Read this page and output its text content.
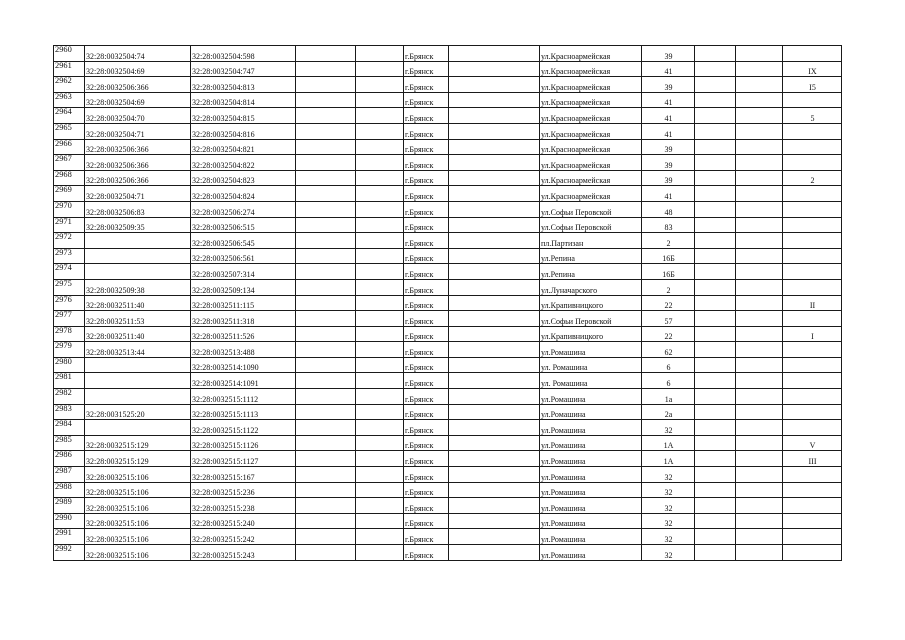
2960	32:28:0032504:74	32:28:0032504:598			г.Брянск		ул.Красноармейская	39			
2961	32:28:0032504:69	32:28:0032504:747			г.Брянск		ул.Красноармейская	41			IX
2962	32:28:0032506:366	32:28:0032504:813			г.Брянск		ул.Красноармейская	39			I5
2963	32:28:0032504:69	32:28:0032504:814			г.Брянск		ул.Красноармейская	41			
2964	32:28:0032504:70	32:28:0032504:815			г.Брянск		ул.Красноармейская	41			5
2965	32:28:0032504:71	32:28:0032504:816			г.Брянск		ул.Красноармейская	41			
2966	32:28:0032506:366	32:28:0032504:821			г.Брянск		ул.Красноармейская	39			
2967	32:28:0032506:366	32:28:0032504:822			г.Брянск		ул.Красноармейская	39			
2968	32:28:0032506:366	32:28:0032504:823			г.Брянск		ул.Красноармейская	39			2
2969	32:28:0032504:71	32:28:0032504:824			г.Брянск		ул.Красноармейская	41			
2970	32:28:0032506:83	32:28:0032506:274			г.Брянск		ул.Софьи Перовской	48			
2971	32:28:0032509:35	32:28:0032506:515			г.Брянск		ул.Софьи Перовской	83			
2972		32:28:0032506:545			г.Брянск		пл.Партизан	2			
2973		32:28:0032506:561			г.Брянск		ул.Репина	16Б			
2974		32:28:0032507:314			г.Брянск		ул.Репина	16Б			
2975	32:28:0032509:38	32:28:0032509:134			г.Брянск		ул.Луначарского	2			
2976	32:28:0032511:40	32:28:0032511:115			г.Брянск		ул.Крапивницкого	22			II
2977	32:28:0032511:53	32:28:0032511:318			г.Брянск		ул.Софьи Перовской	57			
2978	32:28:0032511:40	32:28:0032511:526			г.Брянск		ул.Крапивницкого	22			I
2979	32:28:0032513:44	32:28:0032513:488			г.Брянск		ул.Ромашина	62			
2980		32:28:0032514:1090			г.Брянск		ул. Ромашина	6			
2981		32:28:0032514:1091			г.Брянск		ул. Ромашина	6			
2982		32:28:0032515:1112			г.Брянск		ул.Ромашина	1а			
2983	32:28:0031525:20	32:28:0032515:1113			г.Брянск		ул.Ромашина	2а			
2984		32:28:0032515:1122			г.Брянск		ул.Ромашина	32			
2985	32:28:0032515:129	32:28:0032515:1126			г.Брянск		ул.Ромашина	1А			V
2986	32:28:0032515:129	32:28:0032515:1127			г.Брянск		ул.Ромашина	1А			III
2987	32:28:0032515:106	32:28:0032515:167			г.Брянск		ул.Ромашина	32			
2988	32:28:0032515:106	32:28:0032515:236			г.Брянск		ул.Ромашина	32			
2989	32:28:0032515:106	32:28:0032515:238			г.Брянск		ул.Ромашина	32			
2990	32:28:0032515:106	32:28:0032515:240			г.Брянск		ул.Ромашина	32			
2991	32:28:0032515:106	32:28:0032515:242			г.Брянск		ул.Ромашина	32			
2992	32:28:0032515:106	32:28:0032515:243			г.Брянск		ул.Ромашина	32			
